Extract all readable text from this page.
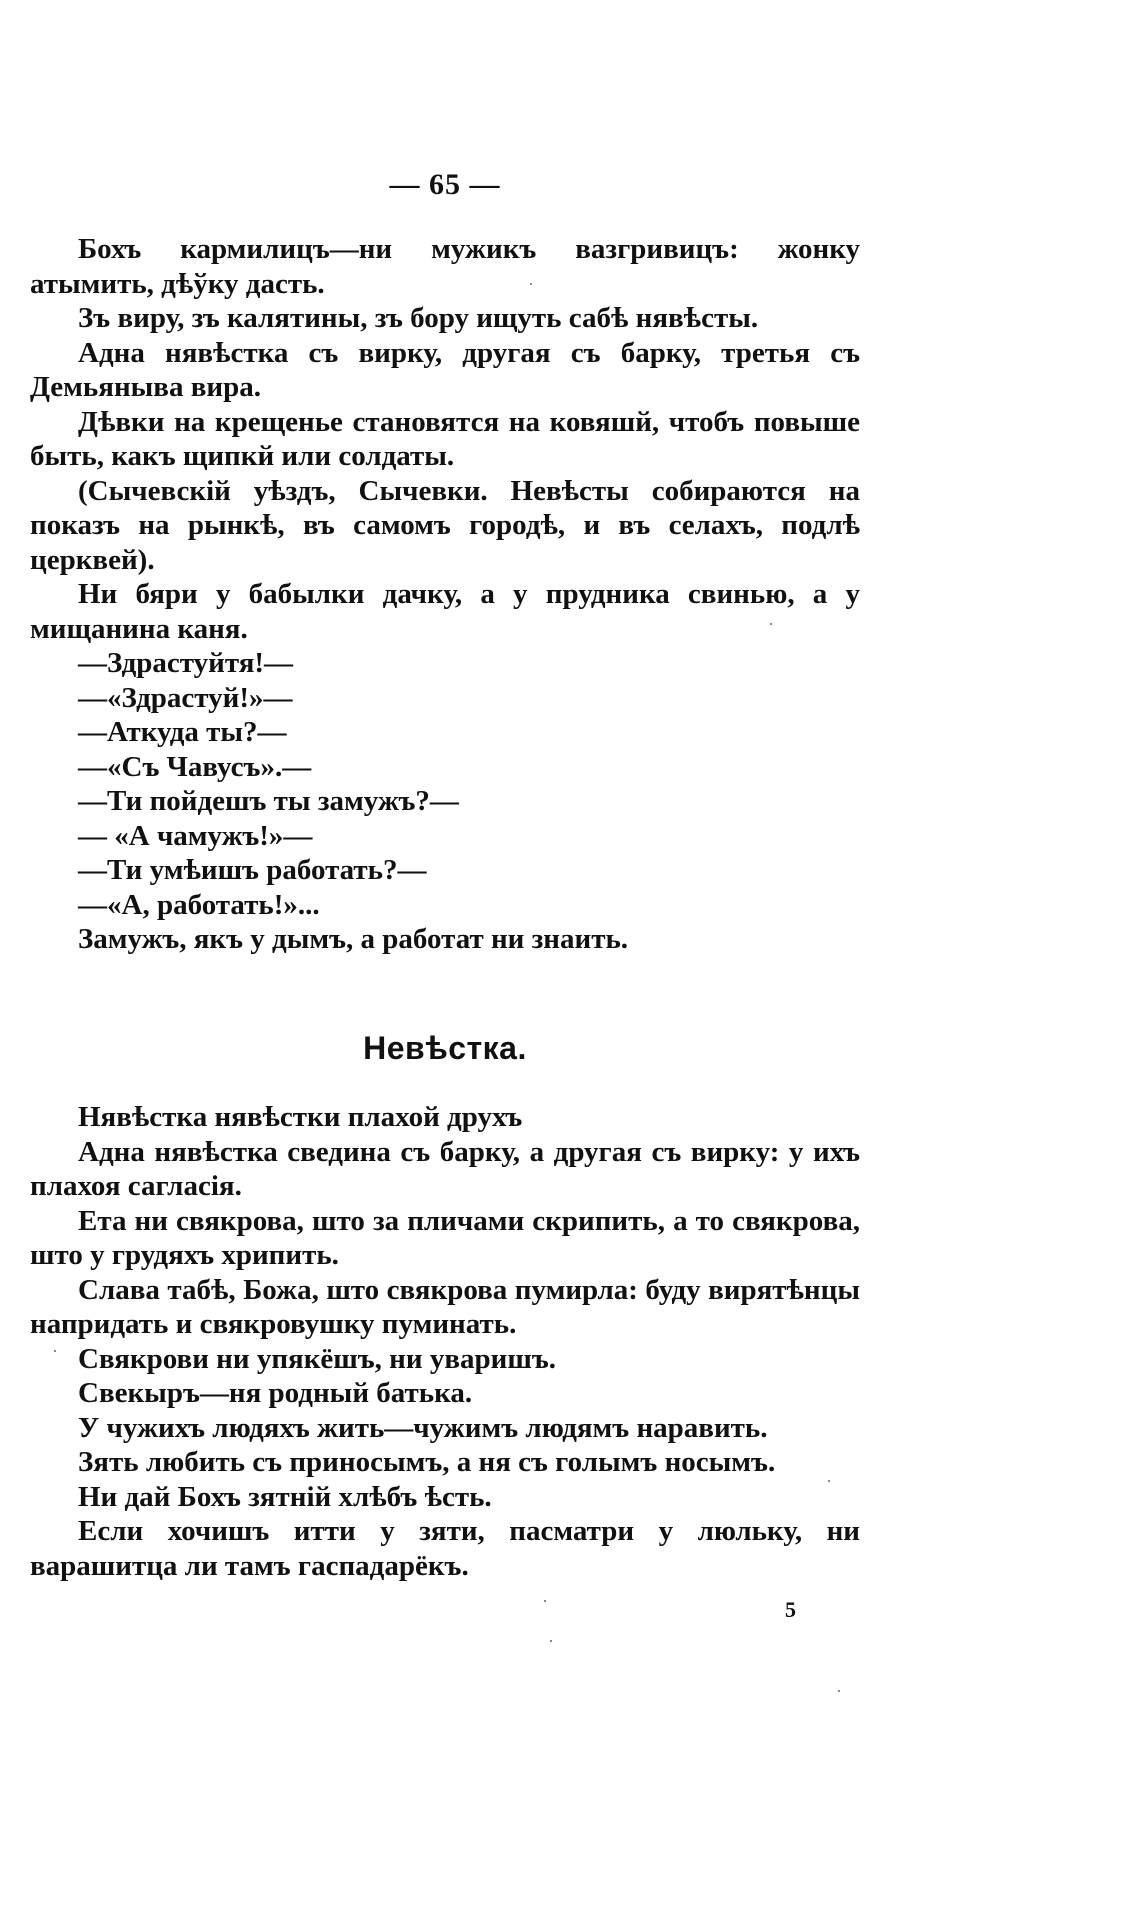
— 65 —

Бохъ кармилицъ—ни мужикъ вазгривицъ: жонку атымить, дѣўку дасть.

Зъ виру, зъ калятины, зъ бору ищуть сабѣ нявѣсты.

Адна нявѣстка съ вирку, другая съ барку, третья съ Демьяныва вира.

Дѣвки на крещенье становятся на ковяшй, чтобъ повыше быть, какъ щипкй или солдаты.

(Сычевскій уѣздъ, Сычевки. Невѣсты собираются на показъ на рынкѣ, въ самомъ городѣ, и въ селахъ, подлѣ церквей).

Ни бяри у бабылки дачку, а у прудника свинью, а у мищанина каня.

—Здрастуйтя!—

—«Здрастуй!»—

—Аткуда ты?—

—«Съ Чавусъ».—

—Ти пойдешъ ты замужъ?—

— «А чамужъ!»—

—Ти умѣишъ работать?—

—«А, работать!»...

Замужъ, якъ у дымъ, а работат ни знаить.

Невѣстка.

Нявѣстка нявѣстки плахой друхъ

Адна нявѣстка сведина съ барку, а другая съ вирку: у ихъ плахоя сагласія.

Ета ни свякрова, што за пличами скрипить, а то свякрова, што у грудяхъ хрипить.

Слава табѣ, Божа, што свякрова пумирла: буду вирятѣнцы напридать и свякровушку пуминать.

Свякрови ни упякёшъ, ни уваришъ.

Свекыръ—ня родный батька.

У чужихъ людяхъ жить—чужимъ людямъ наравить.

Зять любить съ приносымъ, а ня съ голымъ носымъ.

Ни дай Бохъ зятній хлѣбъ ѣсть.

Если хочишъ итти у зяти, пасматри у люльку, ни варашитца ли тамъ гаспадарёкъ.

5
